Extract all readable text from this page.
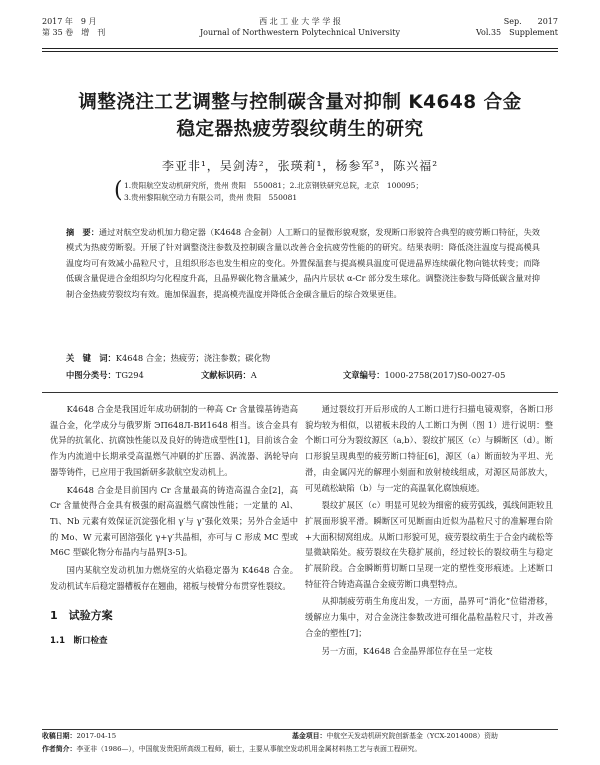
2017 年　9 月
第 35 卷　增　刊
西 北 工 业 大 学 学 报
Journal of Northwestern Polytechnical University
Sep.　　2017
Vol.35　Supplement
调整浇注工艺调整与控制碳含量对抑制 K4648 合金
稳定器热疲劳裂纹萌生的研究
李亚非¹，吴剑涛²，张瑛莉¹，杨参军³，陈兴福²
( 1.贵阳航空发动机研究所，贵州 贵阳　550081；2.北京钢铁研究总院，北京　100095；
3.贵州黎阳航空动力有限公司，贵州 贵阳　550081
摘　要：通过对航空发动机加力稳定器（K4648 合金制）人工断口的显微形貌观察，发现断口形貌符合典型的疲劳断口特征，失效模式为热疲劳断裂。开展了针对调整浇注参数及控制碳含量以改善合金抗疲劳性能的的研究。结果表明：降低浇注温度与提高模具温度均可有效减小晶粒尺寸，且组织形态也发生相应的变化。外置保温套与提高模具温度可促进晶界连续碳化物向链状转变；而降低碳含量促进合金组织均匀化程度升高，且晶界碳化物含量减少，晶内片层状 α-Cr 部分发生球化。调整浇注参数与降低碳含量对抑制合金热疲劳裂纹均有效。施加保温套，提高模壳温度并降低合金碳含量后的综合效果更佳。
关　键　词：K4648 合金；热疲劳；浇注参数；碳化物
中图分类号：TG294	文献标识码：A	文章编号：1000-2758(2017)S0-0027-05

K4648 合金是我国近年成功研制的一种高 Cr 含量镍基铸造高温合金，化学成分与俄罗斯 ЭП648Л-ВИ1648 相当。该合金具有优异的抗氧化、抗腐蚀性能以及良好的铸造成型性[1]，目前该合金作为内流道中长期承受高温燃气冲刷的扩压器、涡流器、涡轮导向器等铸件，已应用于我国新研多款航空发动机上。

K4648 合金是目前国内 Cr 含量最高的铸造高温合金[2]，高 Cr 含量使得合金具有极强的耐高温燃气腐蚀性能；一定量的 Al、Ti、Nb 元素有效保证沉淀强化相 γ′与 γ″强化效果；另外合金适中的 Mo、W 元素可固溶强化 γ+γ′共晶相，亦可与 C 形成 MC 型或 M6C 型碳化物分布晶内与晶界[3-5]。

国内某航空发动机加力燃烧室的火焰稳定器为 K4648 合金。发动机试车后稳定器槽板存在翘曲，裙板与棱臂分布贯穿性裂纹。

1　试验方案
1.1　断口检查

通过裂纹打开后形成的人工断口进行扫描电镜观察，各断口形貌均较为相似，以裙板未段的人工断口为例（图 1）进行说明：整个断口可分为裂纹源区（a,b）、裂纹扩展区（c）与瞬断区（d）。断口形貌呈现典型的疲劳断口特征[6]，源区（a）断面较为平坦、光滑，由金属闪光的解理小刻面和放射棱线组成，对源区局部放大，可见疏松缺陷（b）与一定的高温氧化腐蚀痕迹。

裂纹扩展区（c）明显可见较为细密的疲劳弧线，弧线间距较且扩展面形貌平滑。瞬断区可见断面由近似为晶粒尺寸的准解理台阶+大面积韧窝组成。从断口形貌可见，疲劳裂纹萌生于合金内疏松等显微缺陷处。疲劳裂纹在失稳扩展前，经过较长的裂纹萌生与稳定扩展阶段。合金瞬断剪切断口呈现一定的塑性变形痕迹。上述断口特征符合铸造高温合金疲劳断口典型特点。

从抑制疲劳萌生角度出发，一方面，晶界可“消化”位错滑移，缓解应力集中，对合金浇注参数改进可细化晶粒晶粒尺寸，并改善合金的塑性[7]；

另一方面，K4648 合金晶界部位存在呈一定枝

收稿日期：2017-04-15	基金项目：中航空天发动机研究院创新基金（YCX-2014008）资助
作者简介：李亚非（1986—），中国航发贵阳所高级工程师，硕士，主要从事航空发动机用金属材料热工艺与表面工程研究。
